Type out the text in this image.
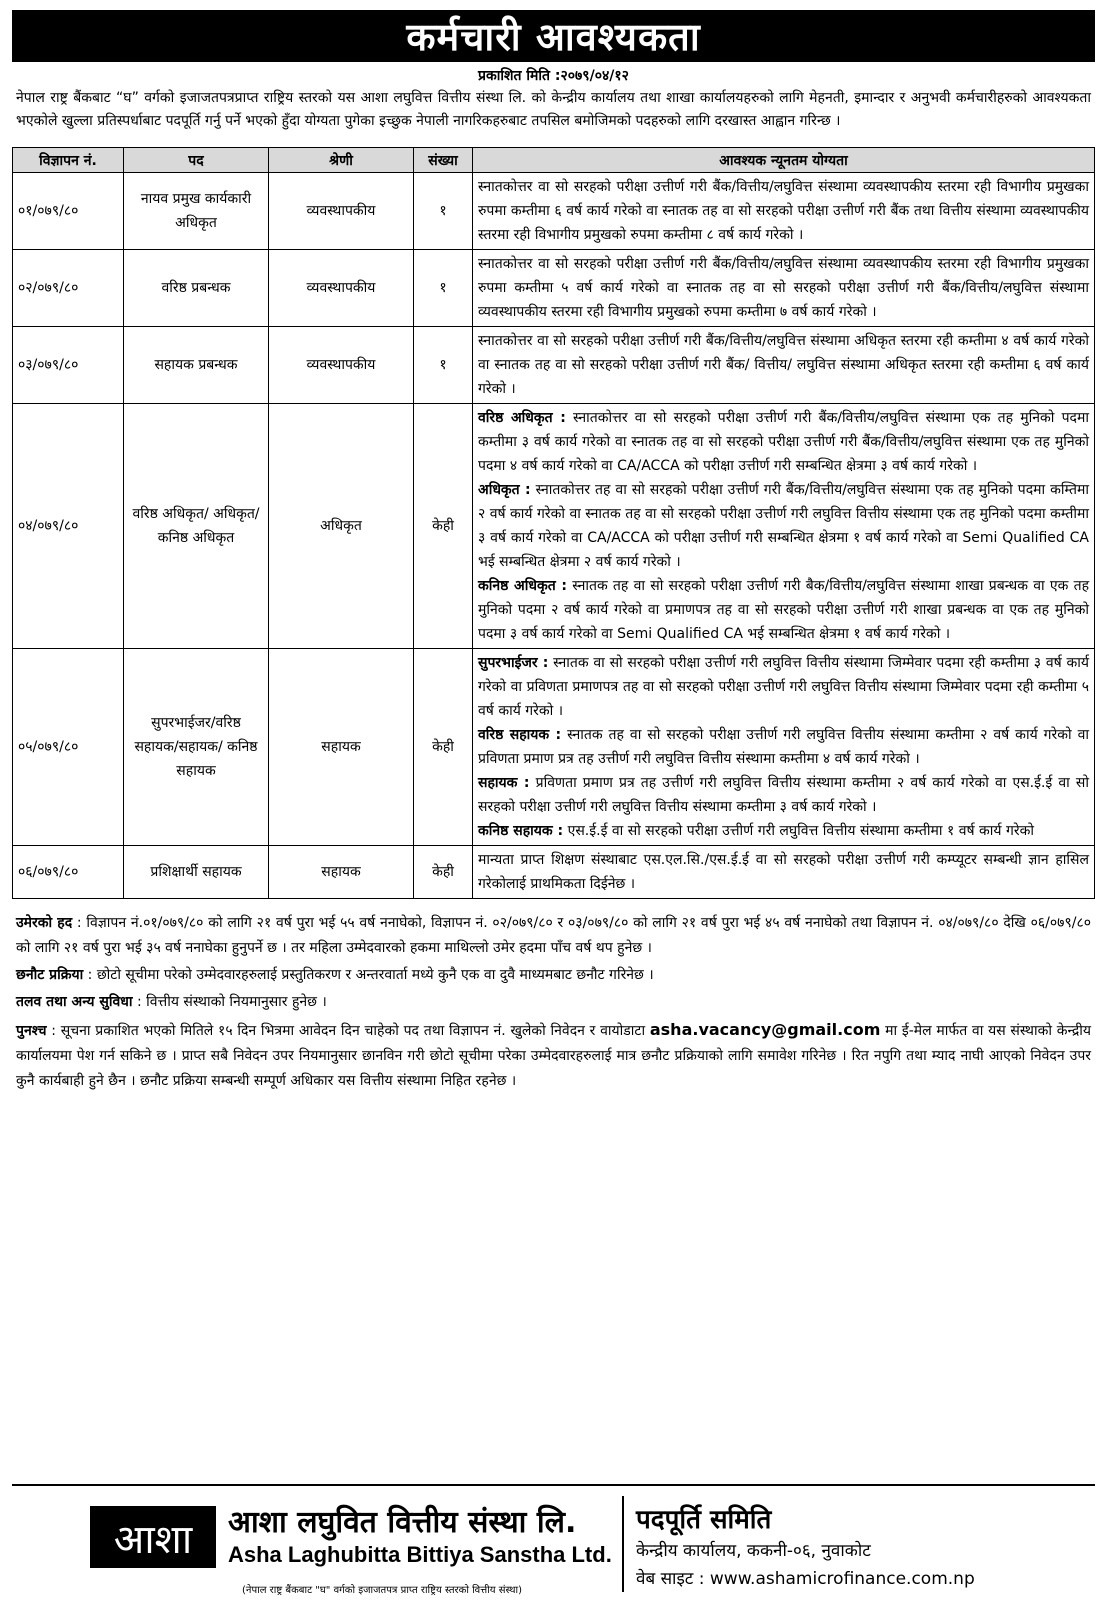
कर्मचारी आवश्यकता
प्रकाशित मिति :२०७९/०४/१२
नेपाल राष्ट्र बैंकबाट “घ” वर्गको इजाजतपत्रप्राप्त राष्ट्रिय स्तरको यस आशा लघुवित्त वित्तीय संस्था लि. को केन्द्रीय कार्यालय तथा शाखा कार्यालयहरुको लागि मेहनती, इमान्दार र अनुभवी कर्मचारीहरुको आवश्यकता भएकोले खुल्ला प्रतिस्पर्धाबाट पदपूर्ति गर्नु पर्ने भएको हुँदा योग्यता पुगेका इच्छुक नेपाली नागरिकहरुबाट तपसिल बमोजिमको पदहरुको लागि दरखास्त आह्वान गरिन्छ ।
विज्ञापन नं.	पद	श्रेणी	संख्या	आवश्यक न्यूनतम योग्यता
०१/०७९/८०	नायव प्रमुख कार्यकारी अधिकृत	व्यवस्थापकीय	१	स्नातकोत्तर वा सो सरहको परीक्षा उत्तीर्ण गरी बैंक/वित्तीय/लघुवित्त संस्थामा व्यवस्थापकीय स्तरमा रही विभागीय प्रमुखका रुपमा कम्तीमा ६ वर्ष कार्य गरेको वा स्नातक तह वा सो सरहको परीक्षा उत्तीर्ण गरी बैंक तथा वित्तीय संस्थामा व्यवस्थापकीय स्तरमा रही विभागीय प्रमुखको रुपमा कम्तीमा ८ वर्ष कार्य गरेको ।
०२/०७९/८०	वरिष्ठ प्रबन्धक	व्यवस्थापकीय	१	स्नातकोत्तर वा सो सरहको परीक्षा उत्तीर्ण गरी बैंक/वित्तीय/लघुवित्त संस्थामा व्यवस्थापकीय स्तरमा रही विभागीय प्रमुखका रुपमा कम्तीमा ५ वर्ष कार्य गरेको वा स्नातक तह वा सो सरहको परीक्षा उत्तीर्ण गरी बैंक/वित्तीय/लघुवित्त संस्थामा व्यवस्थापकीय स्तरमा रही विभागीय प्रमुखको रुपमा कम्तीमा ७ वर्ष कार्य गरेको ।
०३/०७९/८०	सहायक प्रबन्धक	व्यवस्थापकीय	१	स्नातकोत्तर वा सो सरहको परीक्षा उत्तीर्ण गरी बैंक/वित्तीय/लघुवित्त संस्थामा अधिकृत स्तरमा रही कम्तीमा ४ वर्ष कार्य गरेको वा स्नातक तह वा सो सरहको परीक्षा उत्तीर्ण गरी बैंक/ वित्तीय/ लघुवित्त संस्थामा अधिकृत स्तरमा रही कम्तीमा ६ वर्ष कार्य गरेको ।
०४/०७९/८०	वरिष्ठ अधिकृत/ अधिकृत/कनिष्ठ अधिकृत	अधिकृत	केही	वरिष्ठ अधिकृत : स्नातकोत्तर वा सो सरहको परीक्षा उत्तीर्ण गरी बैंक/वित्तीय/लघुवित्त संस्थामा एक तह मुनिको पदमा कम्तीमा ३ वर्ष कार्य गरेको वा स्नातक तह वा सो सरहको परीक्षा उत्तीर्ण गरी बैंक/वित्तीय/लघुवित्त संस्थामा एक तह मुनिको पदमा ४ वर्ष कार्य गरेको वा CA/ACCA को परीक्षा उत्तीर्ण गरी सम्बन्धित क्षेत्रमा ३ वर्ष कार्य गरेको ।
अधिकृत : स्नातकोत्तर तह वा सो सरहको परीक्षा उत्तीर्ण गरी बैंक/वित्तीय/लघुवित्त संस्थामा एक तह मुनिको पदमा कम्तिमा २ वर्ष कार्य गरेको वा स्नातक तह वा सो सरहको परीक्षा उत्तीर्ण गरी लघुवित्त वित्तीय संस्थामा एक तह मुनिको पदमा कम्तीमा ३ वर्ष कार्य गरेको वा CA/ACCA को परीक्षा उत्तीर्ण गरी सम्बन्धित क्षेत्रमा १ वर्ष कार्य गरेको वा Semi Qualified CA भई सम्बन्धित क्षेत्रमा २ वर्ष कार्य गरेको ।
कनिष्ठ अधिकृत : स्नातक तह वा सो सरहको परीक्षा उत्तीर्ण गरी बैक/वित्तीय/लघुवित्त संस्थामा शाखा प्रबन्धक वा एक तह मुनिको पदमा २ वर्ष कार्य गरेको वा प्रमाणपत्र तह वा सो सरहको परीक्षा उत्तीर्ण गरी शाखा प्रबन्धक वा एक तह मुनिको पदमा ३ वर्ष कार्य गरेको वा Semi Qualified CA भई सम्बन्धित क्षेत्रमा १ वर्ष कार्य गरेको ।

०५/०७९/८०	सुपरभाईजर/वरिष्ठ सहायक/सहायक/ कनिष्ठ सहायक	सहायक	केही	सुपरभाईजर : स्नातक वा सो सरहको परीक्षा उत्तीर्ण गरी लघुवित्त वित्तीय संस्थामा जिम्मेवार पदमा रही कम्तीमा ३ वर्ष कार्य गरेको वा प्रविणता प्रमाणपत्र तह वा सो सरहको परीक्षा उत्तीर्ण गरी लघुवित्त वित्तीय संस्थामा जिम्मेवार पदमा रही कम्तीमा ५ वर्ष कार्य गरेको ।
वरिष्ठ सहायक : स्नातक तह वा सो सरहको परीक्षा उत्तीर्ण गरी लघुवित्त वित्तीय संस्थामा कम्तीमा २ वर्ष कार्य गरेको वा प्रविणता प्रमाण प्रत्र तह उत्तीर्ण गरी लघुवित्त वित्तीय संस्थामा कम्तीमा ४ वर्ष कार्य गरेको ।
सहायक : प्रविणता प्रमाण प्रत्र तह उत्तीर्ण गरी लघुवित्त वित्तीय संस्थामा कम्तीमा २ वर्ष कार्य गरेको वा एस.ई.ई वा सो सरहको परीक्षा उत्तीर्ण गरी लघुवित्त वित्तीय संस्थामा कम्तीमा ३ वर्ष कार्य गरेको ।
कनिष्ठ सहायक : एस.ई.ई वा सो सरहको परीक्षा उत्तीर्ण गरी लघुवित्त वित्तीय संस्थामा कम्तीमा १ वर्ष कार्य गरेको

०६/०७९/८०	प्रशिक्षार्थी सहायक	सहायक	केही	मान्यता प्राप्त शिक्षण संस्थाबाट एस.एल.सि./एस.ई.ई वा सो सरहको परीक्षा उत्तीर्ण गरी कम्प्यूटर सम्बन्धी ज्ञान हासिल गरेकोलाई प्राथमिकता दिईनेछ ।

उमेरको हद : विज्ञापन नं.०१/०७९/८० को लागि २१ वर्ष पुरा भई ५५ वर्ष ननाघेको, विज्ञापन नं. ०२/०७९/८० र ०३/०७९/८० को लागि २१ वर्ष पुरा भई ४५ वर्ष ननाघेको तथा विज्ञापन नं. ०४/०७९/८० देखि ०६/०७९/८० को लागि २१ वर्ष पुरा भई ३५ वर्ष ननाघेका हुनुपर्ने छ । तर महिला उम्मेदवारको हकमा माथिल्लो उमेर हदमा पाँच वर्ष थप हुनेछ ।

छनौट प्रक्रिया : छोटो सूचीमा परेको उम्मेदवारहरुलाई प्रस्तुतिकरण र अन्तरवार्ता मध्ये कुनै एक वा दुवै माध्यमबाट छनौट गरिनेछ ।

तलव तथा अन्य सुविधा : वित्तीय संस्थाको नियमानुसार हुनेछ ।

पुनश्च : सूचना प्रकाशित भएको मितिले १५ दिन भित्रमा आवेदन दिन चाहेको पद तथा विज्ञापन नं. खुलेको निवेदन र वायोडाटा asha.vacancy@gmail.com मा ई-मेल मार्फत वा यस संस्थाको केन्द्रीय कार्यालयमा पेश गर्न सकिने छ । प्राप्त सबै निवेदन उपर नियमानुसार छानविन गरी छोटो सूचीमा परेका उम्मेदवारहरुलाई मात्र छनौट प्रक्रियाको लागि समावेश गरिनेछ । रित नपुगि तथा म्याद नाघी आएको निवेदन उपर कुनै कार्यबाही हुने छैन । छनौट प्रक्रिया सम्बन्धी सम्पूर्ण अधिकार यस वित्तीय संस्थामा निहित रहनेछ ।

आशा	आशा लघुवित वित्तीय संस्था लि.
Asha Laghubitta Bittiya Sanstha Ltd.
(नेपाल राष्ट्र बैंकबाट "घ" वर्गको इजाजतपत्र प्राप्त राष्ट्रिय स्तरको वित्तीय संस्था)
पदपूर्ति समिति
केन्द्रीय कार्यालय, ककनी-०६, नुवाकोट
वेब साइट : www.ashamicrofinance.com.np
